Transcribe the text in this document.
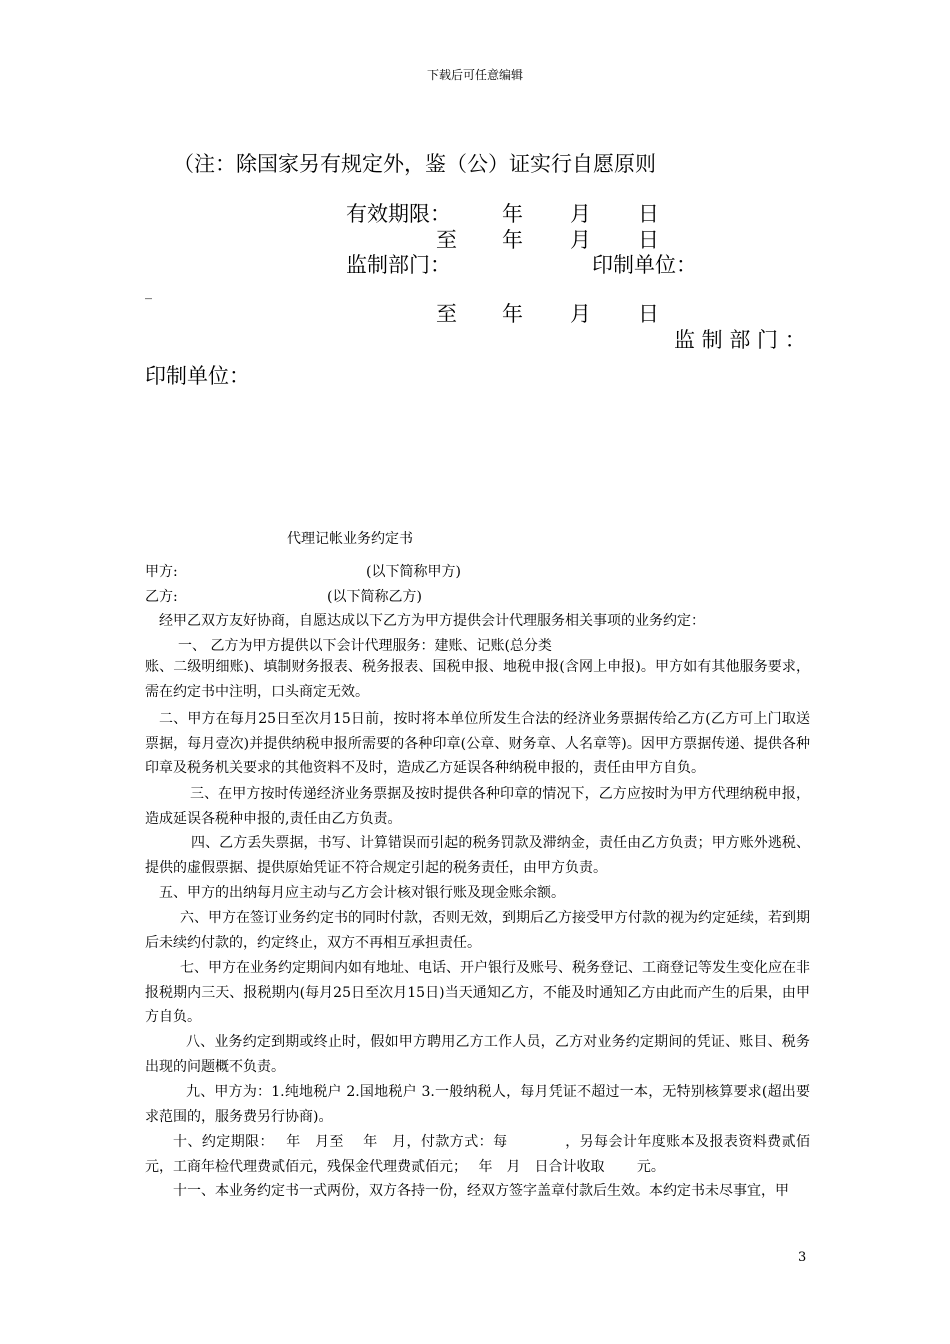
下载后可任意编辑
（注：除国家另有规定外，鉴（公）证实行自愿原则
有效期限： 年 月 日
至 年 月 日
监制部门：	印制单位：
_
至 年 月 日
监 制 部 门 ：
印制单位：
代理记帐业务约定书
甲方:	(以下简称甲方)
乙方:	(以下简称乙方)
经甲乙双方友好协商，自愿达成以下乙方为甲方提供会计代理服务相关事项的业务约定：
一、 乙方为甲方提供以下会计代理服务：建账、记账(总分类
账、二级明细账)、填制财务报表、税务报表、国税申报、地税申报(含网上申报)。甲方如有其他服务要求，需在约定书中注明，口头商定无效。
二、甲方在每月25日至次月15日前，按时将本单位所发生合法的经济业务票据传给乙方(乙方可上门取送票据，每月壹次)并提供纳税申报所需要的各种印章(公章、财务章、人名章等)。因甲方票据传递、提供各种印章及税务机关要求的其他资料不及时，造成乙方延误各种纳税申报的，责任由甲方自负。
三、在甲方按时传递经济业务票据及按时提供各种印章的情况下，乙方应按时为甲方代理纳税申报，造成延误各税种申报的,责任由乙方负责。
四、乙方丢失票据，书写、计算错误而引起的税务罚款及滞纳金，责任由乙方负责；甲方账外逃税、提供的虚假票据、提供原始凭证不符合规定引起的税务责任，由甲方负责。
五、甲方的出纳每月应主动与乙方会计核对银行账及现金账余额。
六、甲方在签订业务约定书的同时付款，否则无效，到期后乙方接受甲方付款的视为约定延续，若到期后未续约付款的，约定终止，双方不再相互承担责任。
七、甲方在业务约定期间内如有地址、电话、开户银行及账号、税务登记、工商登记等发生变化应在非报税期内三天、报税期内(每月25日至次月15日)当天通知乙方，不能及时通知乙方由此而产生的后果，由甲方自负。
八、业务约定到期或终止时，假如甲方聘用乙方工作人员，乙方对业务约定期间的凭证、账目、税务出现的问题概不负责。
九、甲方为：1.纯地税户 2.国地税户 3.一般纳税人，每月凭证不超过一本，无特别核算要求(超出要求范围的，服务费另行协商)。
十、约定期限：　 年　月至　 年　月，付款方式：每　　　　，另每会计年度账本及报表资料费贰佰元，工商年检代理费贰佰元，残保金代理费贰佰元；　 年　月　日合计收取　　 元。
十一、本业务约定书一式两份，双方各持一份，经双方签字盖章付款后生效。本约定书未尽事宜，甲
3
